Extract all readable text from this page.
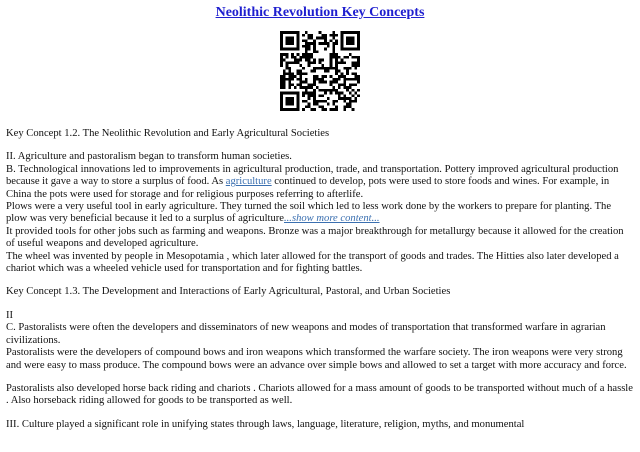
Neolithic Revolution Key Concepts

Key Concept 1.2. The Neolithic Revolution and Early Agricultural Societies

II. Agriculture and pastoralism began to transform human societies.

B. Technological innovations led to improvements in agricultural production, trade, and transportation. Pottery improved agricultural production because it gave a way to store a surplus of food. As agriculture continued to develop, pots were used to store foods and wines. For example, in China the pots were used for storage and for religious purposes referring to afterlife.

Plows were a very useful tool in early agriculture. They turned the soil which led to less work done by the workers to prepare for planting. The plow was very beneficial because it led to a surplus of agriculture...show more content...

It provided tools for other jobs such as farming and weapons. Bronze was a major breakthrough for metallurgy because it allowed for the creation of useful weapons and developed agriculture.

The wheel was invented by people in Mesopotamia , which later allowed for the transport of goods and trades. The Hitties also later developed a chariot which was a wheeled vehicle used for transportation and for fighting battles.

Key Concept 1.3. The Development and Interactions of Early Agricultural, Pastoral, and Urban Societies

II

C. Pastoralists were often the developers and disseminators of new weapons and modes of transportation that transformed warfare in agrarian civilizations.

Pastoralists were the developers of compound bows and iron weapons which transformed the warfare society. The iron weapons were very strong and were easy to mass produce. The compound bows were an advance over simple bows and allowed to set a target with more accuracy and force.

Pastoralists also developed horse back riding and chariots . Chariots allowed for a mass amount of goods to be transported without much of a hassle . Also horseback riding allowed for goods to be transported as well.

III. Culture played a significant role in unifying states through laws, language, literature, religion, myths, and monumental
